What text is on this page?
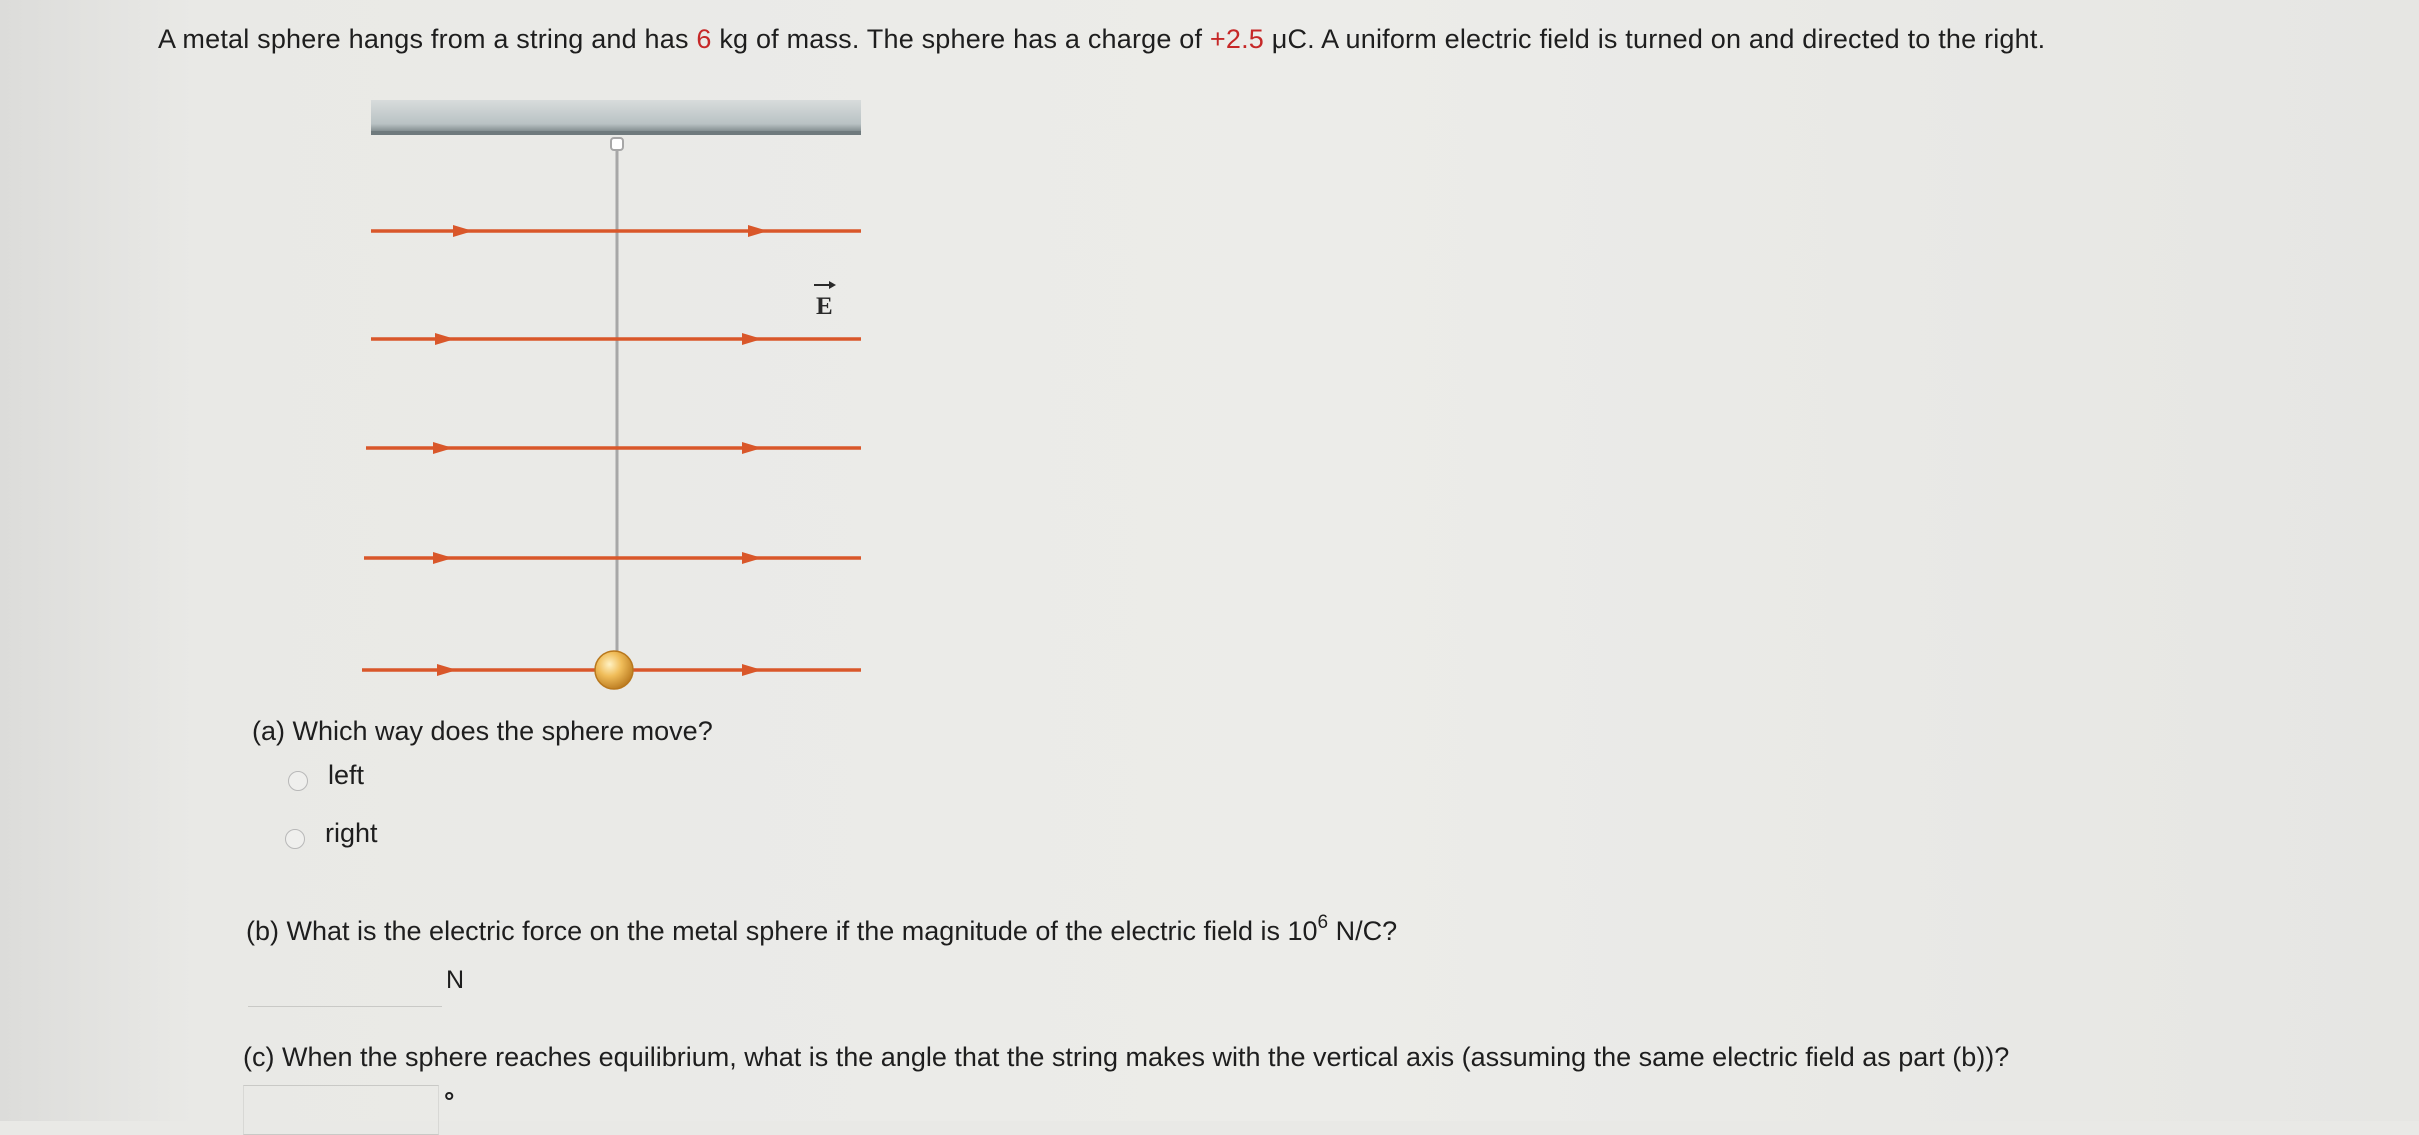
A metal sphere hangs from a string and has 6 kg of mass. The sphere has a charge of +2.5 μC. A uniform electric field is turned on and directed to the right.
E
(a) Which way does the sphere move?
left
right
(b) What is the electric force on the metal sphere if the magnitude of the electric field is $10^6$ N/C?
N
(c) When the sphere reaches equilibrium, what is the angle that the string makes with the vertical axis (assuming the same electric field as part (b))?
°
